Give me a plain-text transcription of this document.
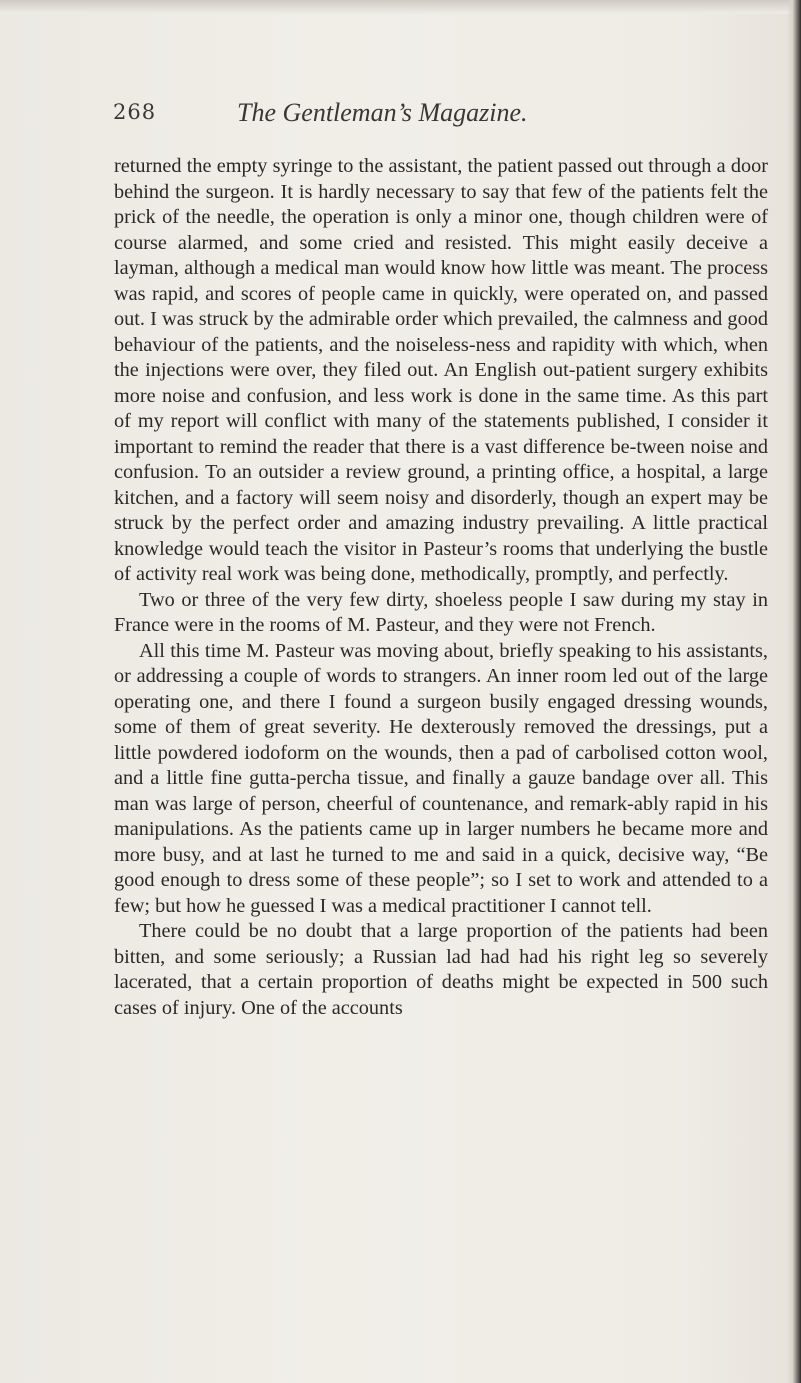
268	The Gentleman’s Magazine.

returned the empty syringe to the assistant, the patient passed out through a door behind the surgeon. It is hardly necessary to say that few of the patients felt the prick of the needle, the operation is only a minor one, though children were of course alarmed, and some cried and resisted. This might easily deceive a layman, although a medical man would know how little was meant. The process was rapid, and scores of people came in quickly, were operated on, and passed out. I was struck by the admirable order which prevailed, the calmness and good behaviour of the patients, and the noiseless-ness and rapidity with which, when the injections were over, they filed out. An English out-patient surgery exhibits more noise and confusion, and less work is done in the same time. As this part of my report will conflict with many of the statements published, I consider it important to remind the reader that there is a vast difference be-tween noise and confusion. To an outsider a review ground, a printing office, a hospital, a large kitchen, and a factory will seem noisy and disorderly, though an expert may be struck by the perfect order and amazing industry prevailing. A little practical knowledge would teach the visitor in Pasteur’s rooms that underlying the bustle of activity real work was being done, methodically, promptly, and perfectly.

Two or three of the very few dirty, shoeless people I saw during my stay in France were in the rooms of M. Pasteur, and they were not French.

All this time M. Pasteur was moving about, briefly speaking to his assistants, or addressing a couple of words to strangers. An inner room led out of the large operating one, and there I found a surgeon busily engaged dressing wounds, some of them of great severity. He dexterously removed the dressings, put a little powdered iodoform on the wounds, then a pad of carbolised cotton wool, and a little fine gutta-percha tissue, and finally a gauze bandage over all. This man was large of person, cheerful of countenance, and remark-ably rapid in his manipulations. As the patients came up in larger numbers he became more and more busy, and at last he turned to me and said in a quick, decisive way, “Be good enough to dress some of these people”; so I set to work and attended to a few; but how he guessed I was a medical practitioner I cannot tell.

There could be no doubt that a large proportion of the patients had been bitten, and some seriously; a Russian lad had had his right leg so severely lacerated, that a certain proportion of deaths might be expected in 500 such cases of injury. One of the accounts
